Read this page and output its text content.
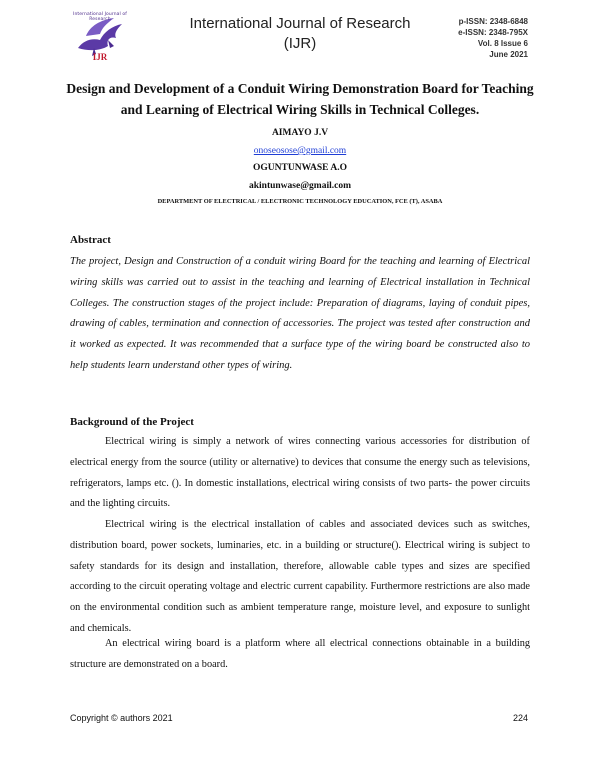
IJR
International Journal of Research	International Journal of Research
(IJR)
p-ISSN: 2348-6848
e-ISSN: 2348-795X
Vol. 8 Issue 6
June 2021
Design and Development of a Conduit Wiring Demonstration Board for Teaching and Learning of Electrical Wiring Skills in Technical Colleges.
AIMAYO J.V
onoseosose@gmail.com
OGUNTUNWASE A.O
akintunwase@gmail.com
DEPARTMENT OF ELECTRICAL / ELECTRONIC TECHNOLOGY EDUCATION, FCE (T), ASABA
Abstract

The project, Design and Construction of a conduit wiring Board for the teaching and learning of Electrical wiring skills was carried out to assist in the teaching and learning of Electrical installation in Technical Colleges. The construction stages of the project include: Preparation of diagrams, laying of conduit pipes, drawing of cables, termination and connection of accessories. The project was tested after construction and it worked as expected. It was recommended that a surface type of the wiring board be constructed also to help students learn understand other types of wiring.

Background of the Project

Electrical wiring is simply a network of wires connecting various accessories for distribution of electrical energy from the source (utility or alternative) to devices that consume the energy such as televisions, refrigerators, lamps etc. (). In domestic installations, electrical wiring consists of two parts- the power circuits and the lighting circuits.

Electrical wiring is the electrical installation of cables and associated devices such as switches, distribution board, power sockets, luminaries, etc. in a building or structure(). Electrical wiring is subject to safety standards for its design and installation, therefore, allowable cable types and sizes are specified according to the circuit operating voltage and electric current capability. Furthermore restrictions are also made on the environmental condition such as ambient temperature range, moisture level, and exposure to sunlight and chemicals.

An electrical wiring board is a platform where all electrical connections obtainable in a building structure are demonstrated on a board.

Copyright © authors 2021	224
